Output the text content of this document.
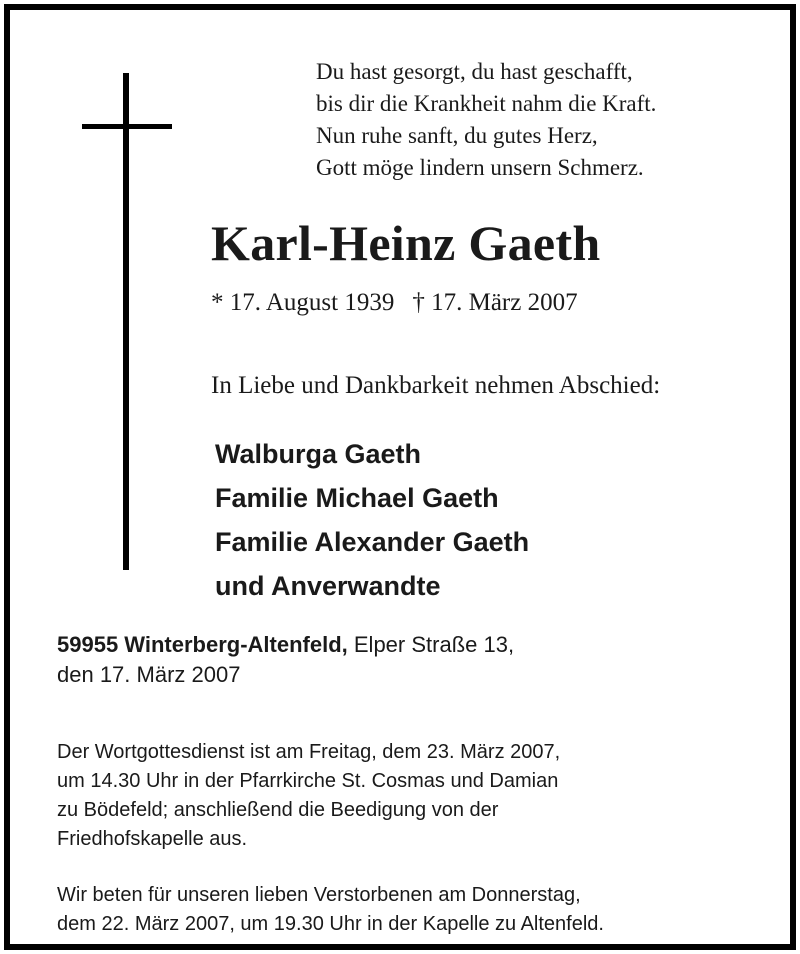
Du hast gesorgt, du hast geschafft,
bis dir die Krankheit nahm die Kraft.
Nun ruhe sanft, du gutes Herz,
Gott möge lindern unsern Schmerz.
Karl-Heinz Gaeth
* 17. August 1939 † 17. März 2007
In Liebe und Dankbarkeit nehmen Abschied:
Walburga Gaeth
Familie Michael Gaeth
Familie Alexander Gaeth
und Anverwandte
59955 Winterberg-Altenfeld, Elper Straße 13,
den 17. März 2007
Der Wortgottesdienst ist am Freitag, dem 23. März 2007,
um 14.30 Uhr in der Pfarrkirche St. Cosmas und Damian
zu Bödefeld; anschließend die Beedigung von der
Friedhofskapelle aus.
Wir beten für unseren lieben Verstorbenen am Donnerstag,
dem 22. März 2007, um 19.30 Uhr in der Kapelle zu Altenfeld.
